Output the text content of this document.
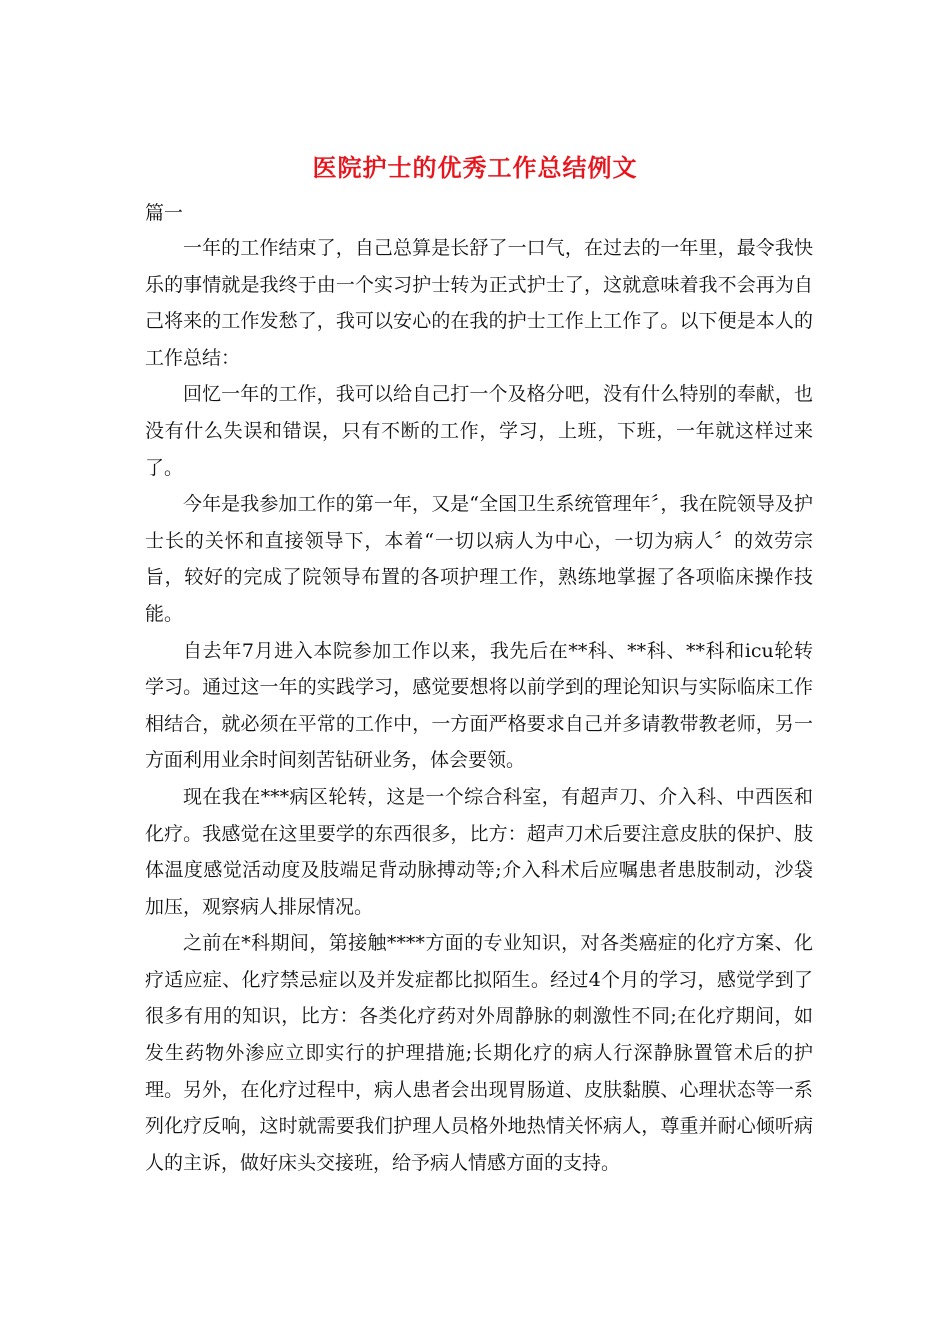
医院护士的优秀工作总结例文
篇一

一年的工作结束了，自己总算是长舒了一口气，在过去的一年里，最令我快乐的事情就是我终于由一个实习护士转为正式护士了，这就意味着我不会再为自己将来的工作发愁了，我可以安心的在我的护士工作上工作了。以下便是本人的工作总结：

回忆一年的工作，我可以给自己打一个及格分吧，没有什么特别的奉献，也没有什么失误和错误，只有不断的工作，学习，上班，下班，一年就这样过来了。

今年是我参加工作的第一年，又是“全国卫生系统管理年〞，我在院领导及护士长的关怀和直接领导下，本着“一切以病人为中心，一切为病人〞的效劳宗旨，较好的完成了院领导布置的各项护理工作，熟练地掌握了各项临床操作技能。

自去年7月进入本院参加工作以来，我先后在**科、**科、**科和icu轮转学习。通过这一年的实践学习，感觉要想将以前学到的理论知识与实际临床工作相结合，就必须在平常的工作中，一方面严格要求自己并多请教带教老师，另一方面利用业余时间刻苦钻研业务，体会要领。

现在我在***病区轮转，这是一个综合科室，有超声刀、介入科、中西医和化疗。我感觉在这里要学的东西很多，比方：超声刀术后要注意皮肤的保护、肢体温度感觉活动度及肢端足背动脉搏动等;介入科术后应嘱患者患肢制动，沙袋加压，观察病人排尿情况。

之前在*科期间，第接触****方面的专业知识，对各类癌症的化疗方案、化疗适应症、化疗禁忌症以及并发症都比拟陌生。经过4个月的学习，感觉学到了很多有用的知识，比方：各类化疗药对外周静脉的刺激性不同;在化疗期间，如发生药物外渗应立即实行的护理措施;长期化疗的病人行深静脉置管术后的护理。另外，在化疗过程中，病人患者会出现胃肠道、皮肤黏膜、心理状态等一系列化疗反响，这时就需要我们护理人员格外地热情关怀病人，尊重并耐心倾听病人的主诉，做好床头交接班，给予病人情感方面的支持。
